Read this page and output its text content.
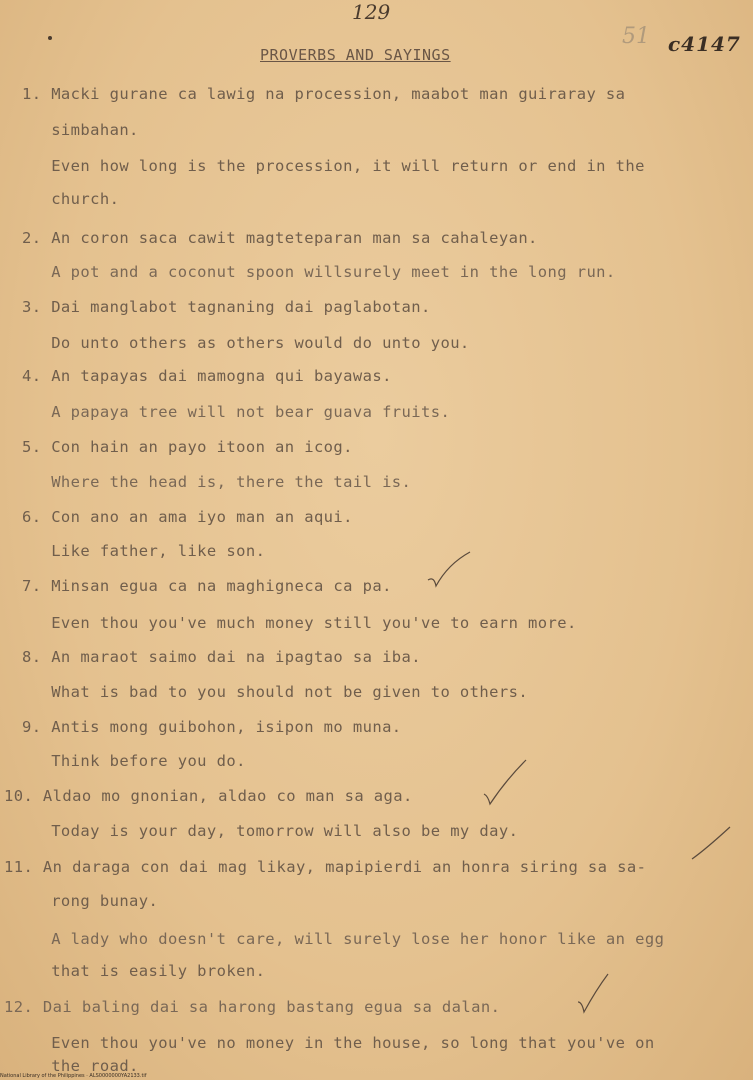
129
51 c4147
PROVERBS AND SAYINGS
1. Macki gurane ca lawig na procession, maabot man guiraray sa
simbahan.
Even how long is the procession, it will return or end in the
church.
2. An coron saca cawit magteteparan man sa cahaleyan.
A pot and a coconut spoon willsurely meet in the long run.
3. Dai manglabot tagnaning dai paglabotan.
Do unto others as others would do unto you.
4. An tapayas dai mamogna qui bayawas.
A papaya tree will not bear guava fruits.
5. Con hain an payo itoon an icog.
Where the head is, there the tail is.
6. Con ano an ama iyo man an aqui.
Like father, like son.
7. Minsan egua ca na maghigneca ca pa.
Even thou you've much money still you've to earn more.
8. An maraot saimo dai na ipagtao sa iba.
What is bad to you should not be given to others.
9. Antis mong guibohon, isipon mo muna.
Think before you do.
10. Aldao mo gnonian, aldao co man sa aga.
Today is your day, tomorrow will also be my day.
11. An daraga con dai mag likay, mapipierdi an honra siring sa sa-
rong bunay.
A lady who doesn't care, will surely lose her honor like an egg
that is easily broken.
12. Dai baling dai sa harong bastang egua sa dalan.
Even thou you've no money in the house, so long that you've on
the road.
National Library of the Philippines · ALS0000000YA2133.tif
